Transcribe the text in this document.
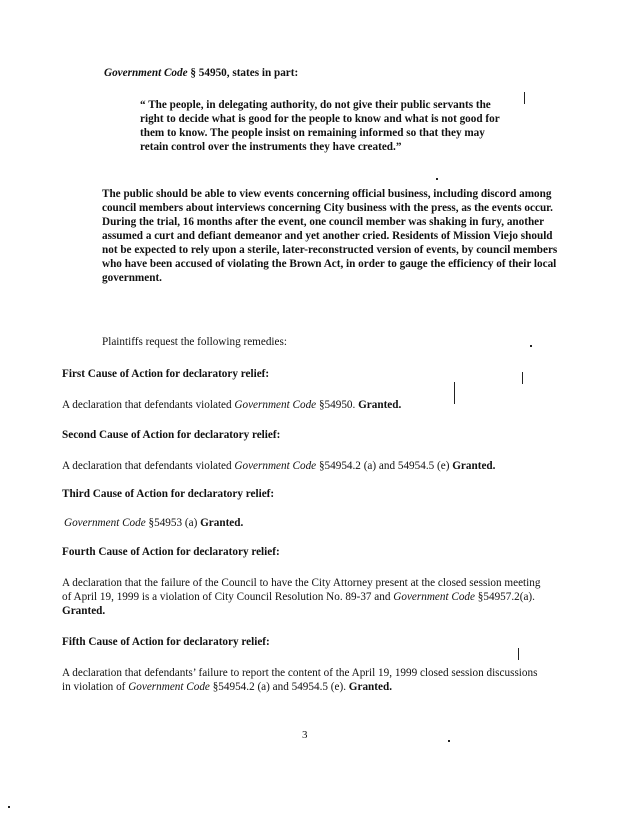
Government Code § 54950, states in part:

“ The people, in delegating authority, do not give their public servants the right to decide what is good for the people to know and what is not good for them to know. The people insist on remaining informed so that they may retain control over the instruments they have created.”

The public should be able to view events concerning official business, including discord among council members about interviews concerning City business with the press, as the events occur. During the trial, 16 months after the event, one council member was shaking in fury, another assumed a curt and defiant demeanor and yet another cried. Residents of Mission Viejo should not be expected to rely upon a sterile, later-reconstructed version of events, by council members who have been accused of violating the Brown Act, in order to gauge the efficiency of their local government.

Plaintiffs request the following remedies:

First Cause of Action for declaratory relief:

A declaration that defendants violated Government Code §54950. Granted.

Second Cause of Action for declaratory relief:

A declaration that defendants violated Government Code §54954.2 (a) and 54954.5 (e) Granted.

Third Cause of Action for declaratory relief:

Government Code §54953 (a) Granted.

Fourth Cause of Action for declaratory relief:

A declaration that the failure of the Council to have the City Attorney present at the closed session meeting of April 19, 1999 is a violation of City Council Resolution No. 89-37 and Government Code §54957.2(a). Granted.

Fifth Cause of Action for declaratory relief:

A declaration that defendants’ failure to report the content of the April 19, 1999 closed session discussions in violation of Government Code §54954.2 (a) and 54954.5 (e). Granted.

3
